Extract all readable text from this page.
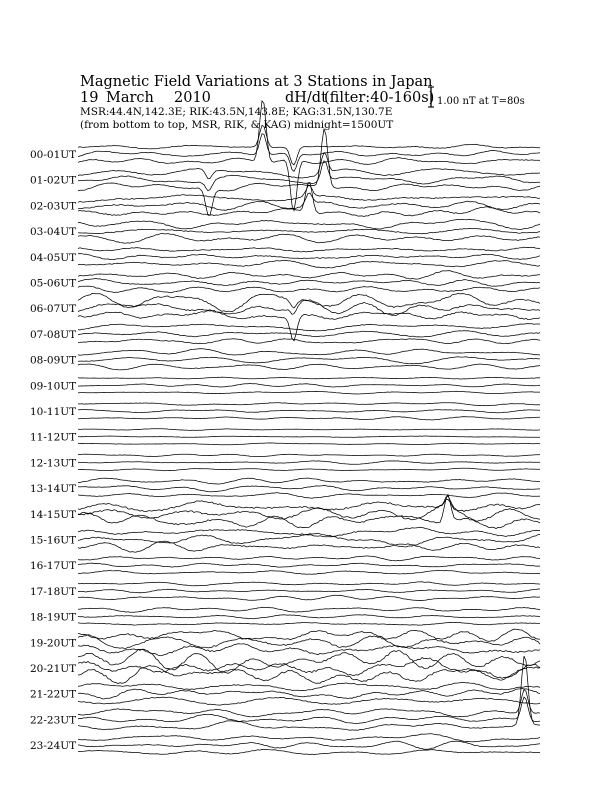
Magnetic Field Variations at 3 Stations in Japan
19 March 2010	dH/dt
(filter:40-160s)
MSR:44.4N,142.3E; RIK:43.5N,143.8E; KAG:31.5N,130.7E
(from bottom to top, MSR, RIK, & KAG) midnight=1500UT
1.00 nT at T=80s
00-01UT
01-02UT
02-03UT
03-04UT
04-05UT
05-06UT
06-07UT
07-08UT
08-09UT
09-10UT
10-11UT
11-12UT
12-13UT
13-14UT
14-15UT
15-16UT
16-17UT
17-18UT
18-19UT
19-20UT
20-21UT
21-22UT
22-23UT
23-24UT
